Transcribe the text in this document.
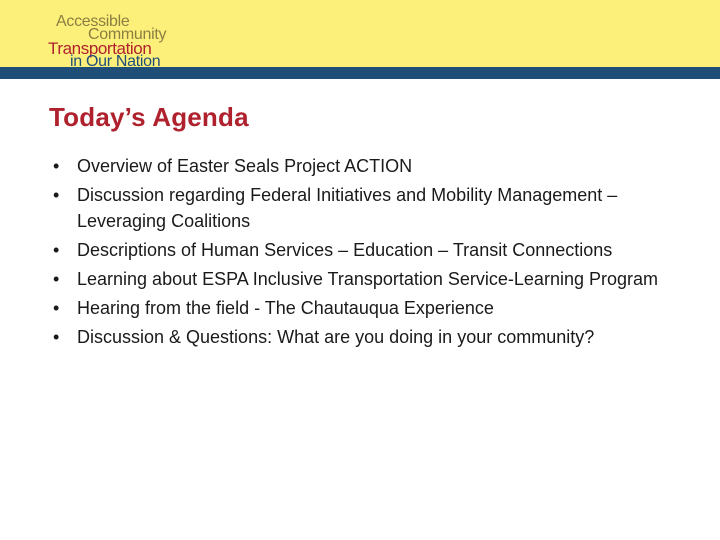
Accessible
Community
Transportation
in Our Nation
Today’s Agenda
• Overview of Easter Seals Project ACTION
• Discussion regarding Federal Initiatives and Mobility Management – Leveraging Coalitions
• Descriptions of Human Services – Education – Transit Connections
• Learning about ESPA Inclusive Transportation Service-Learning Program
• Hearing from the field - The Chautauqua Experience
• Discussion & Questions: What are you doing in your community?
